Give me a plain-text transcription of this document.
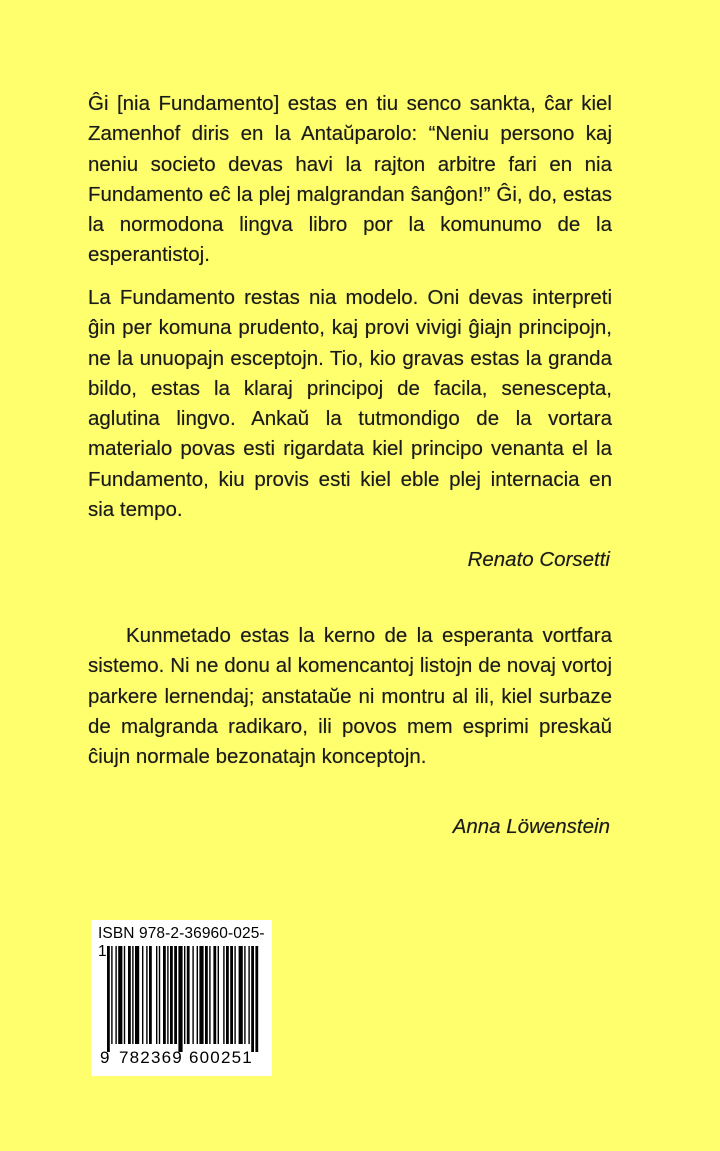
Ĝi [nia Fundamento] estas en tiu senco sankta, ĉar kiel Zamenhof diris en la Antaŭparolo: “Neniu persono kaj neniu societo devas havi la rajton arbitre fari en nia Fundamento eĉ la plej malgrandan ŝanĝon!” Ĝi, do, estas la normodona lingva libro por la komunumo de la esperantistoj.

La Fundamento restas nia modelo. Oni devas interpreti ĝin per komuna prudento, kaj provi vivigi ĝiajn principojn, ne la unuopajn esceptojn. Tio, kio gravas estas la granda bildo, estas la klaraj principoj de facila, senescepta, aglutina lingvo. Ankaŭ la tutmondigo de la vortara materialo povas esti rigardata kiel principo venanta el la Fundamento, kiu provis esti kiel eble plej internacia en sia tempo.

Renato Corsetti

Kunmetado estas la kerno de la esperanta vortfara sistemo. Ni ne donu al komencantoj listojn de novaj vortoj parkere lernendaj; anstataŭe ni montru al ili, kiel surbaze de malgranda radikaro, ili povos mem esprimi preskaŭ ĉiujn normale bezonatajn konceptojn.

Anna Löwenstein
ISBN 978-2-36960-025-1
9 782369 600251
